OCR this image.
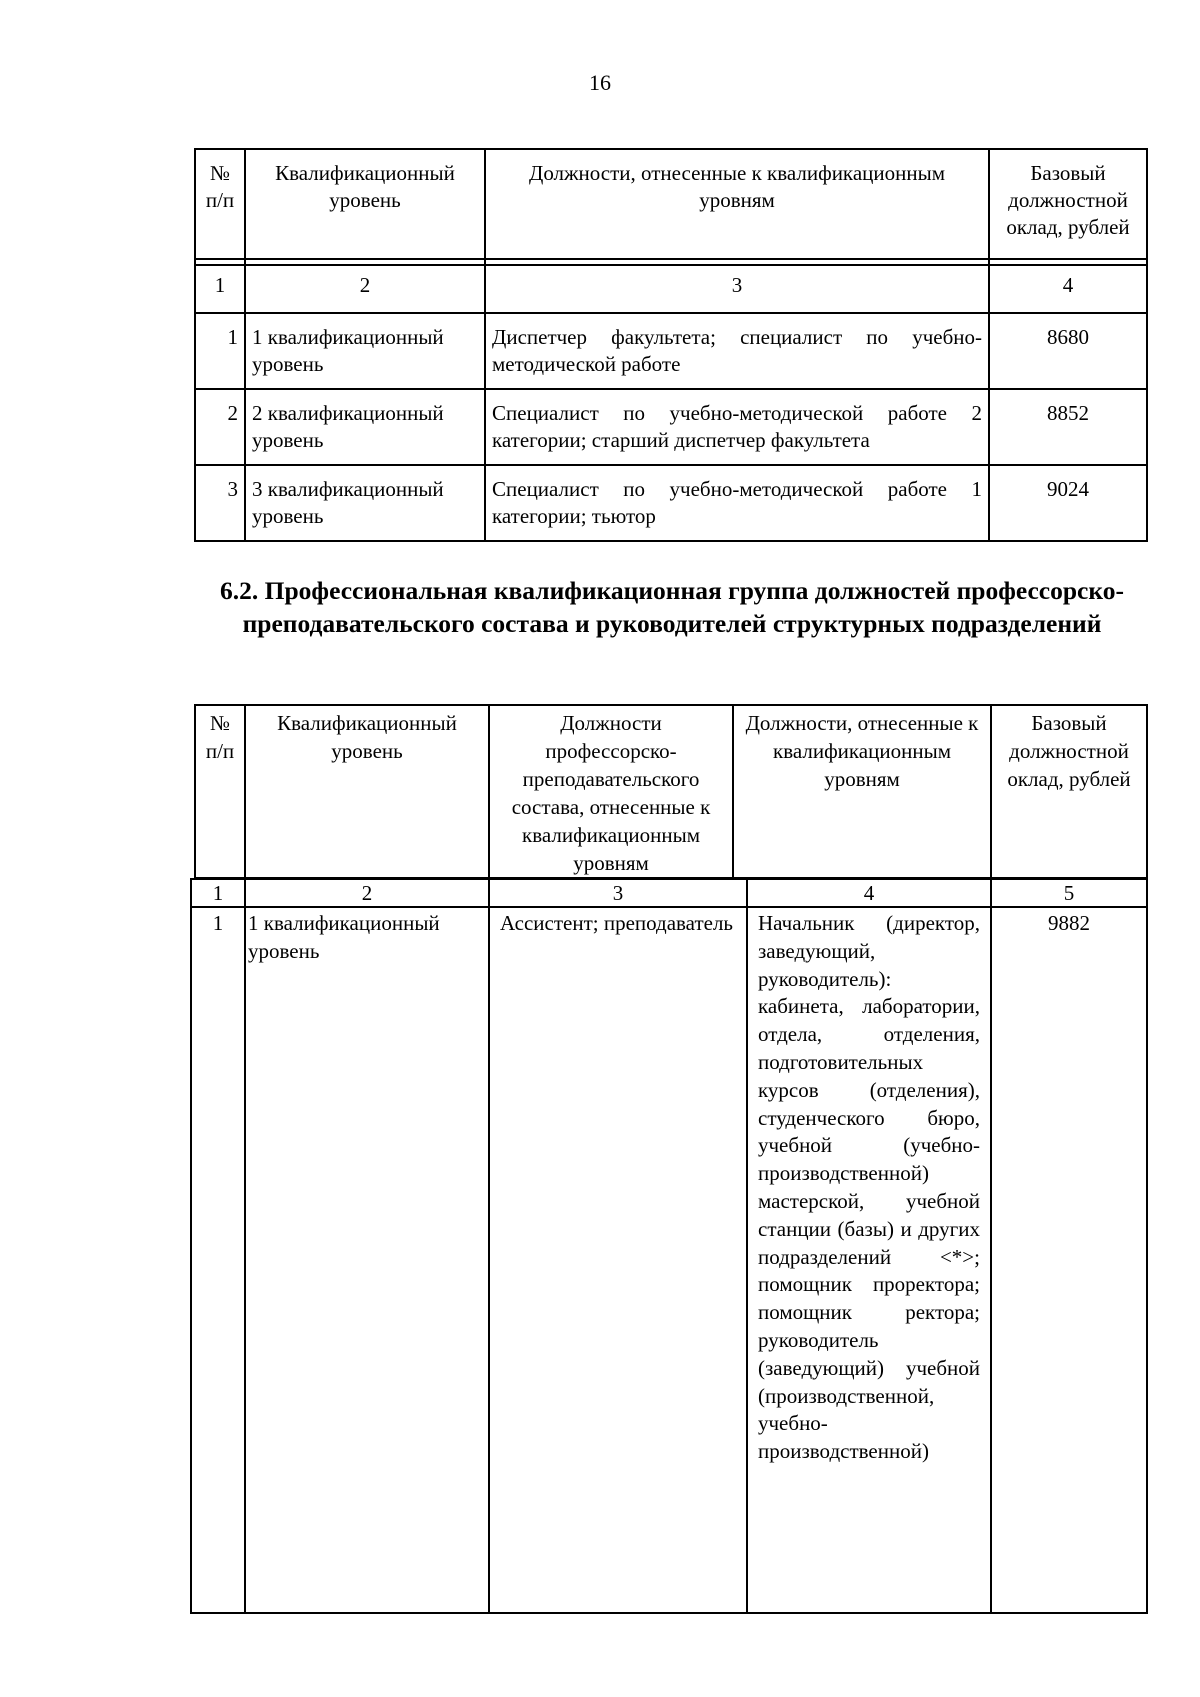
16
№ п/п	Квалификационный уровень	Должности, отнесенные к квалификационным уровням	Базовый должностной оклад, рублей
1	2	3	4
1	1 квалификационный уровень	Диспетчер факультета; специалист по учебно-методической работе	8680
2	2 квалификационный уровень	Специалист по учебно-методической работе 2 категории; старший диспетчер факультета	8852
3	3 квалификационный уровень	Специалист по учебно-методической работе 1 категории; тьютор	9024
6.2. Профессиональная квалификационная группа должностей профессорско-преподавательского состава и руководителей структурных подразделений
№ п/п	Квалификационный уровень	Должности профессорско-преподавательского состава, отнесенные к квалификационным уровням	Должности, отнесенные к квалификационным уровням	Базовый должностной оклад, рублей
1	2	3	4	5
1	1 квалификационный уровень	Ассистент; преподаватель	Начальник (директор, заведующий, руководитель): кабинета, лаборатории, отдела, отделения, подготовительных курсов (отделения), студенческого бюро, учебной (учебно-производственной) мастерской, учебной станции (базы) и других подразделений <*>; помощник проректора; помощник ректора; руководитель (заведующий) учебной (производственной, учебно-производственной)	9882
